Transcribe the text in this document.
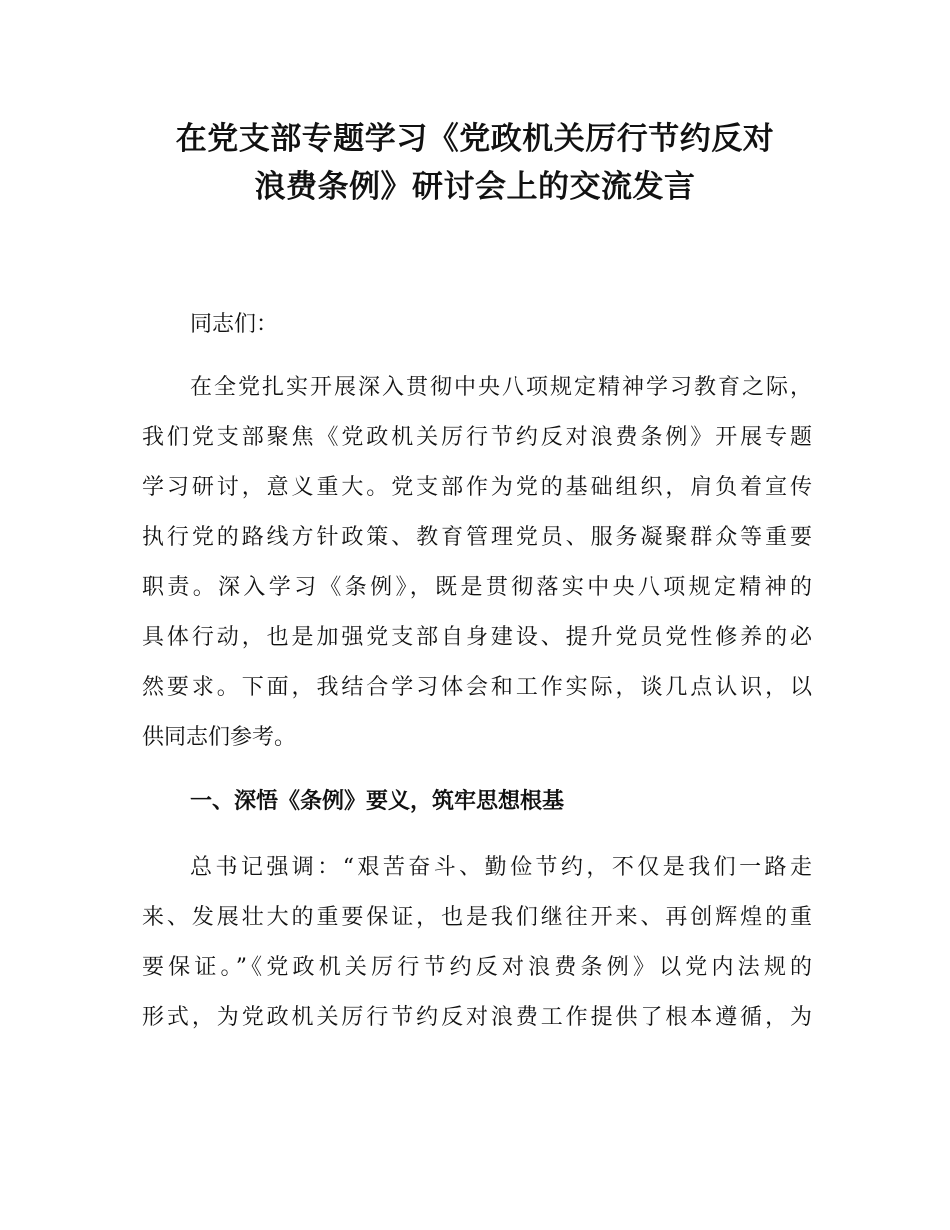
在党支部专题学习《党政机关厉行节约反对
浪费条例》研讨会上的交流发言

同志们：

在全党扎实开展深入贯彻中央八项规定精神学习教育之际，

我们党支部聚焦《党政机关厉行节约反对浪费条例》开展专题

学习研讨，意义重大。党支部作为党的基础组织，肩负着宣传

执行党的路线方针政策、教育管理党员、服务凝聚群众等重要

职责。深入学习《条例》，既是贯彻落实中央八项规定精神的

具体行动，也是加强党支部自身建设、提升党员党性修养的必

然要求。下面，我结合学习体会和工作实际，谈几点认识，以

供同志们参考。

一、深悟《条例》要义，筑牢思想根基

总书记强调：“艰苦奋斗、勤俭节约，不仅是我们一路走

来、发展壮大的重要保证，也是我们继往开来、再创辉煌的重

要保证。”《党政机关厉行节约反对浪费条例》以党内法规的

形式，为党政机关厉行节约反对浪费工作提供了根本遵循，为
